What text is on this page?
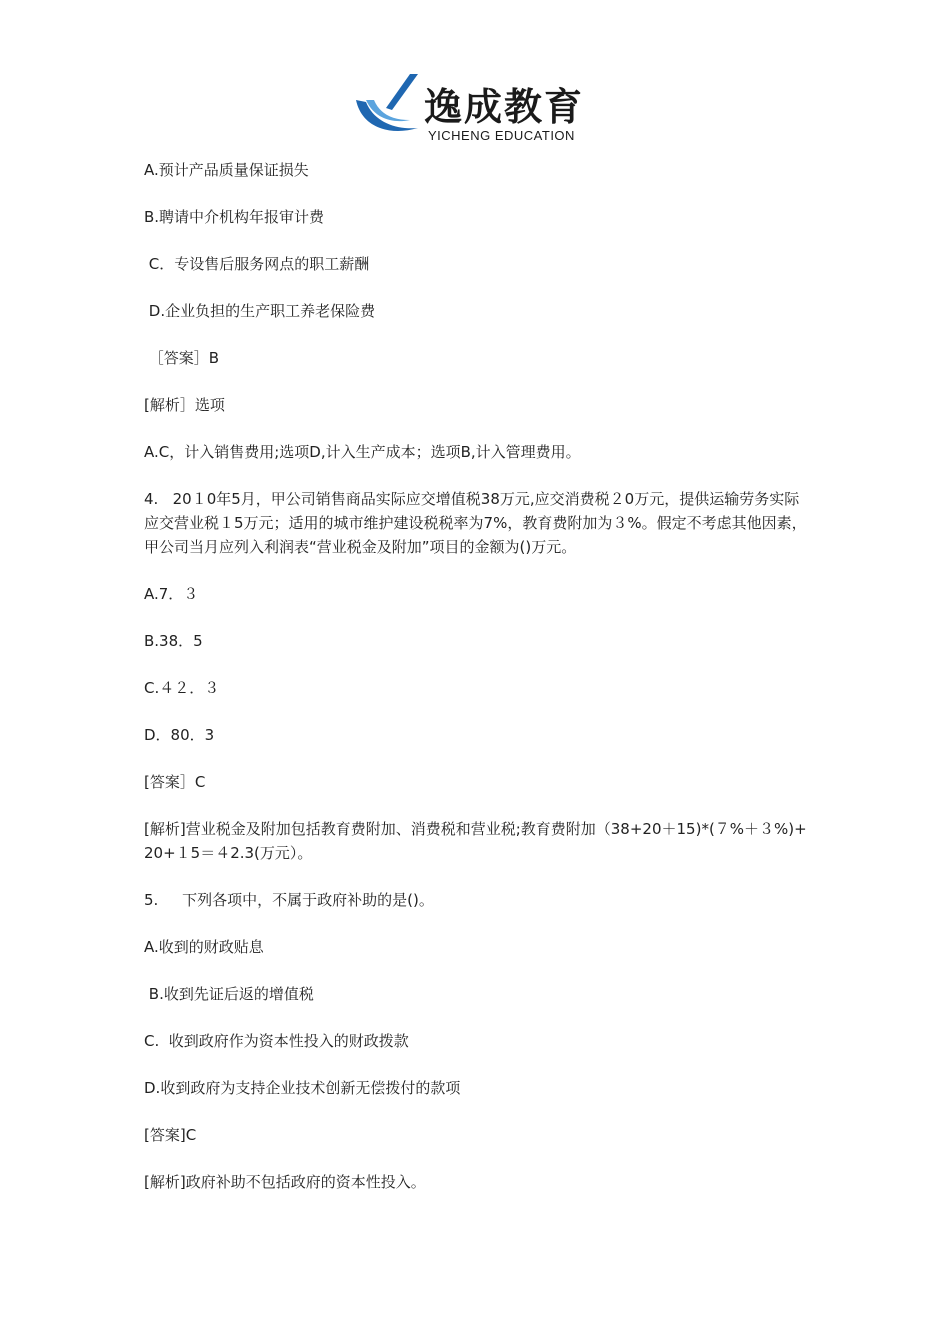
逸成教育
YICHENG EDUCATION

A.预计产品质量保证损失

B.聘请中介机构年报审计费

C．专设售后服务网点的职工薪酬

D.企业负担的生产职工养老保险费

［答案］B

[解析］选项

A.C，计入销售费用;选项D,计入生产成本；选项B,计入管理费用。

4.   20１0年5月，甲公司销售商品实际应交增值税38万元,应交消费税２0万元，提供运输劳务实际应交营业税１5万元；适用的城市维护建设税税率为7%，教育费附加为３%。假定不考虑其他因素，甲公司当月应列入利润表“营业税金及附加”项目的金额为()万元。

A.7．３

B.38．5

C.４２．３

D．80．3

[答案］C

[解析]营业税金及附加包括教育费附加、消费税和营业税;教育费附加（38+20＋15)*(７%＋３%)+20+１5＝４2.3(万元）。

5.     下列各项中，不属于政府补助的是()。

A.收到的财政贴息

B.收到先证后返的增值税

C.  收到政府作为资本性投入的财政拨款

D.收到政府为支持企业技术创新无偿拨付的款项

[答案]C

[解析]政府补助不包括政府的资本性投入。
